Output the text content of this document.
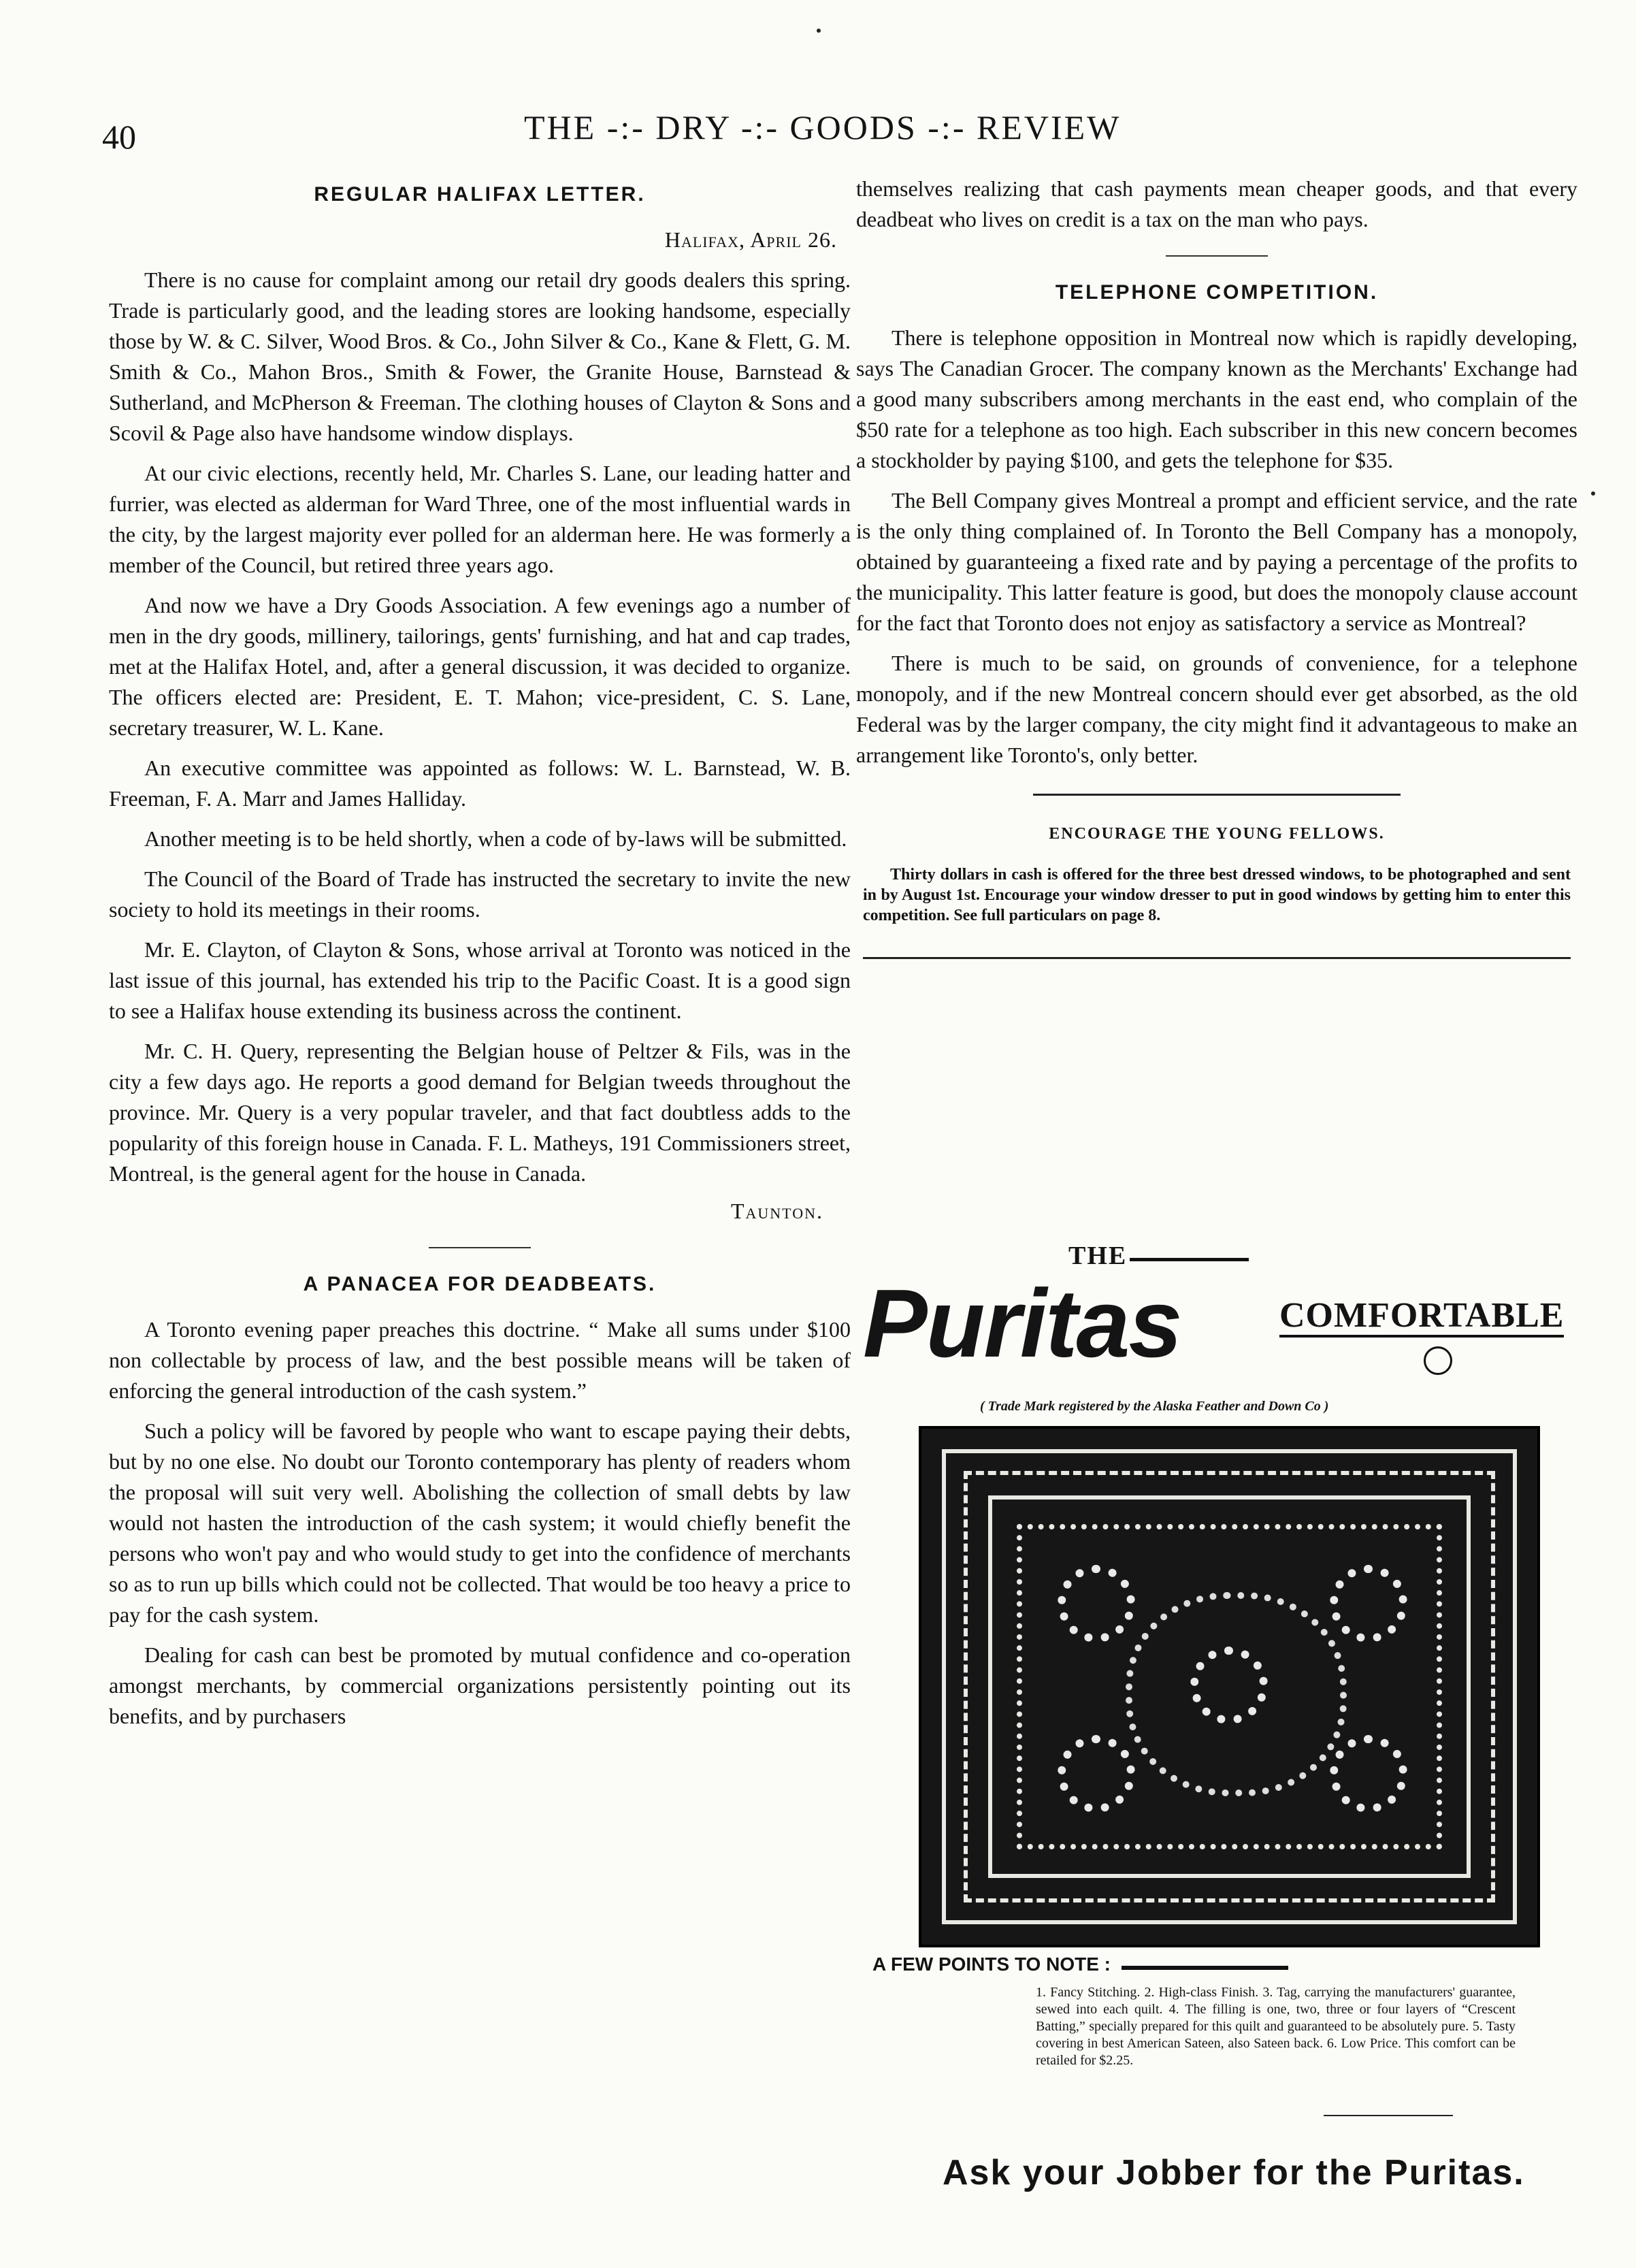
40	THE -:- DRY -:- GOODS -:- REVIEW
REGULAR HALIFAX LETTER.
Halifax, April 26.

There is no cause for complaint among our retail dry goods dealers this spring. Trade is particularly good, and the leading stores are looking handsome, especially those by W. & C. Silver, Wood Bros. & Co., John Silver & Co., Kane & Flett, G. M. Smith & Co., Mahon Bros., Smith & Fower, the Granite House, Barnstead & Sutherland, and McPherson & Freeman. The clothing houses of Clayton & Sons and Scovil & Page also have handsome window displays.

At our civic elections, recently held, Mr. Charles S. Lane, our leading hatter and furrier, was elected as alderman for Ward Three, one of the most influential wards in the city, by the largest majority ever polled for an alderman here. He was formerly a member of the Council, but retired three years ago.

And now we have a Dry Goods Association. A few evenings ago a number of men in the dry goods, millinery, tailorings, gents' furnishing, and hat and cap trades, met at the Halifax Hotel, and, after a general discussion, it was decided to organize. The officers elected are: President, E. T. Mahon; vice-president, C. S. Lane, secretary treasurer, W. L. Kane.

An executive committee was appointed as follows: W. L. Barnstead, W. B. Freeman, F. A. Marr and James Halliday.

Another meeting is to be held shortly, when a code of by-laws will be submitted.

The Council of the Board of Trade has instructed the secretary to invite the new society to hold its meetings in their rooms.

Mr. E. Clayton, of Clayton & Sons, whose arrival at Toronto was noticed in the last issue of this journal, has extended his trip to the Pacific Coast. It is a good sign to see a Halifax house extending its business across the continent.

Mr. C. H. Query, representing the Belgian house of Peltzer & Fils, was in the city a few days ago. He reports a good demand for Belgian tweeds throughout the province. Mr. Query is a very popular traveler, and that fact doubtless adds to the popularity of this foreign house in Canada. F. L. Matheys, 191 Commissioners street, Montreal, is the general agent for the house in Canada.

Taunton.
A PANACEA FOR DEADBEATS.

A Toronto evening paper preaches this doctrine. “ Make all sums under $100 non collectable by process of law, and the best possible means will be taken of enforcing the general introduction of the cash system.”

Such a policy will be favored by people who want to escape paying their debts, but by no one else. No doubt our Toronto contemporary has plenty of readers whom the proposal will suit very well. Abolishing the collection of small debts by law would not hasten the introduction of the cash system; it would chiefly benefit the persons who won't pay and who would study to get into the confidence of merchants so as to run up bills which could not be collected. That would be too heavy a price to pay for the cash system.

Dealing for cash can best be promoted by mutual confidence and co-operation amongst merchants, by commercial organizations persistently pointing out its benefits, and by purchasers

themselves realizing that cash payments mean cheaper goods, and that every deadbeat who lives on credit is a tax on the man who pays.

TELEPHONE COMPETITION.

There is telephone opposition in Montreal now which is rapidly developing, says The Canadian Grocer. The company known as the Merchants' Exchange had a good many subscribers among merchants in the east end, who complain of the $50 rate for a telephone as too high. Each subscriber in this new concern becomes a stockholder by paying $100, and gets the telephone for $35.

The Bell Company gives Montreal a prompt and efficient service, and the rate is the only thing complained of. In Toronto the Bell Company has a monopoly, obtained by guaranteeing a fixed rate and by paying a percentage of the profits to the municipality. This latter feature is good, but does the monopoly clause account for the fact that Toronto does not enjoy as satisfactory a service as Montreal?

There is much to be said, on grounds of convenience, for a telephone monopoly, and if the new Montreal concern should ever get absorbed, as the old Federal was by the larger company, the city might find it advantageous to make an arrangement like Toronto's, only better.

ENCOURAGE THE YOUNG FELLOWS.
Thirty dollars in cash is offered for the three best dressed windows, to be photographed and sent in by August 1st. Encourage your window dresser to put in good windows by getting him to enter this competition. See full particulars on page 8.
THE
Puritas	COMFORTABLE
( Trade Mark registered by the Alaska Feather and Down Co )
A FEW POINTS TO NOTE :
1. Fancy Stitching. 2. High-class Finish. 3. Tag, carrying the manufacturers' guarantee, sewed into each quilt. 4. The filling is one, two, three or four layers of “Crescent Batting,” specially prepared for this quilt and guaranteed to be absolutely pure. 5. Tasty covering in best American Sateen, also Sateen back. 6. Low Price. This comfort can be retailed for $2.25.
Ask your Jobber for the Puritas.
